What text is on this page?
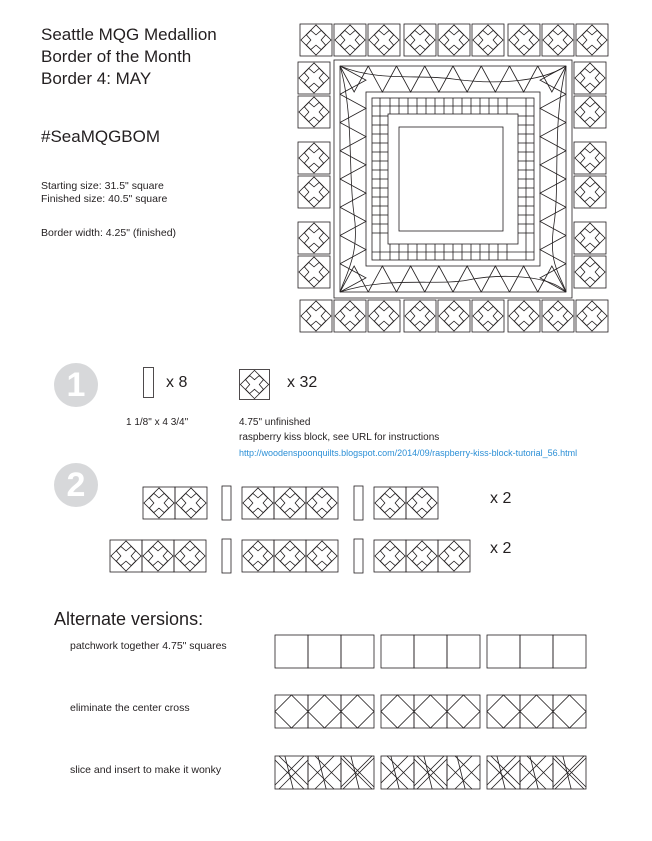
Seattle MQG Medallion
Border of the Month
Border 4: MAY
#SeaMQGBOM
Starting size: 31.5" square
Finished size: 40.5" square
Border width: 4.25" (finished)
1	x 8	x 32
1 1/8" x 4 3/4"	4.75" unfinished
raspberry kiss block, see URL for instructions
http://woodenspoonquilts.blogspot.com/2014/09/raspberry-kiss-block-tutorial_56.html
2	x 2
x 2
Alternate versions:
patchwork together 4.75" squares
eliminate the center cross
slice and insert to make it wonky
